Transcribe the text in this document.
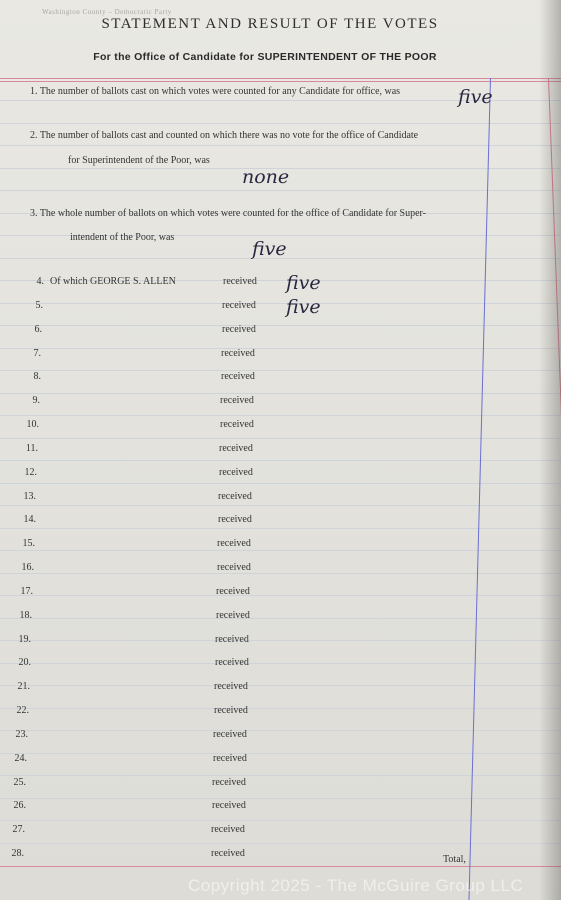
Washington County – Democratic Party
STATEMENT AND RESULT OF THE VOTES
For the Office of Candidate for SUPERINTENDENT OF THE POOR
1. The number of ballots cast on which votes were counted for any Candidate for office, was	five
2. The number of ballots cast and counted on which there was no vote for the office of Candidate
for Superintendent of the Poor, was
none
3. The whole number of ballots on which votes were counted for the office of Candidate for Super-
intendent of the Poor, was
five
4. Of which GEORGE S. ALLEN	received five
5.	received five
6.	received
7.	received
8.	received
9.	received
10.	received
11.	received
12.	received
13.	received
14.	received
15.	received
16.	received
17.	received
18.	received
19.	received
20.	received
21.	received
22.	received
23.	received
24.	received
25.	received
26.	received
27.	received
28.	received
Total,
Copyright 2025 - The McGuire Group LLC
